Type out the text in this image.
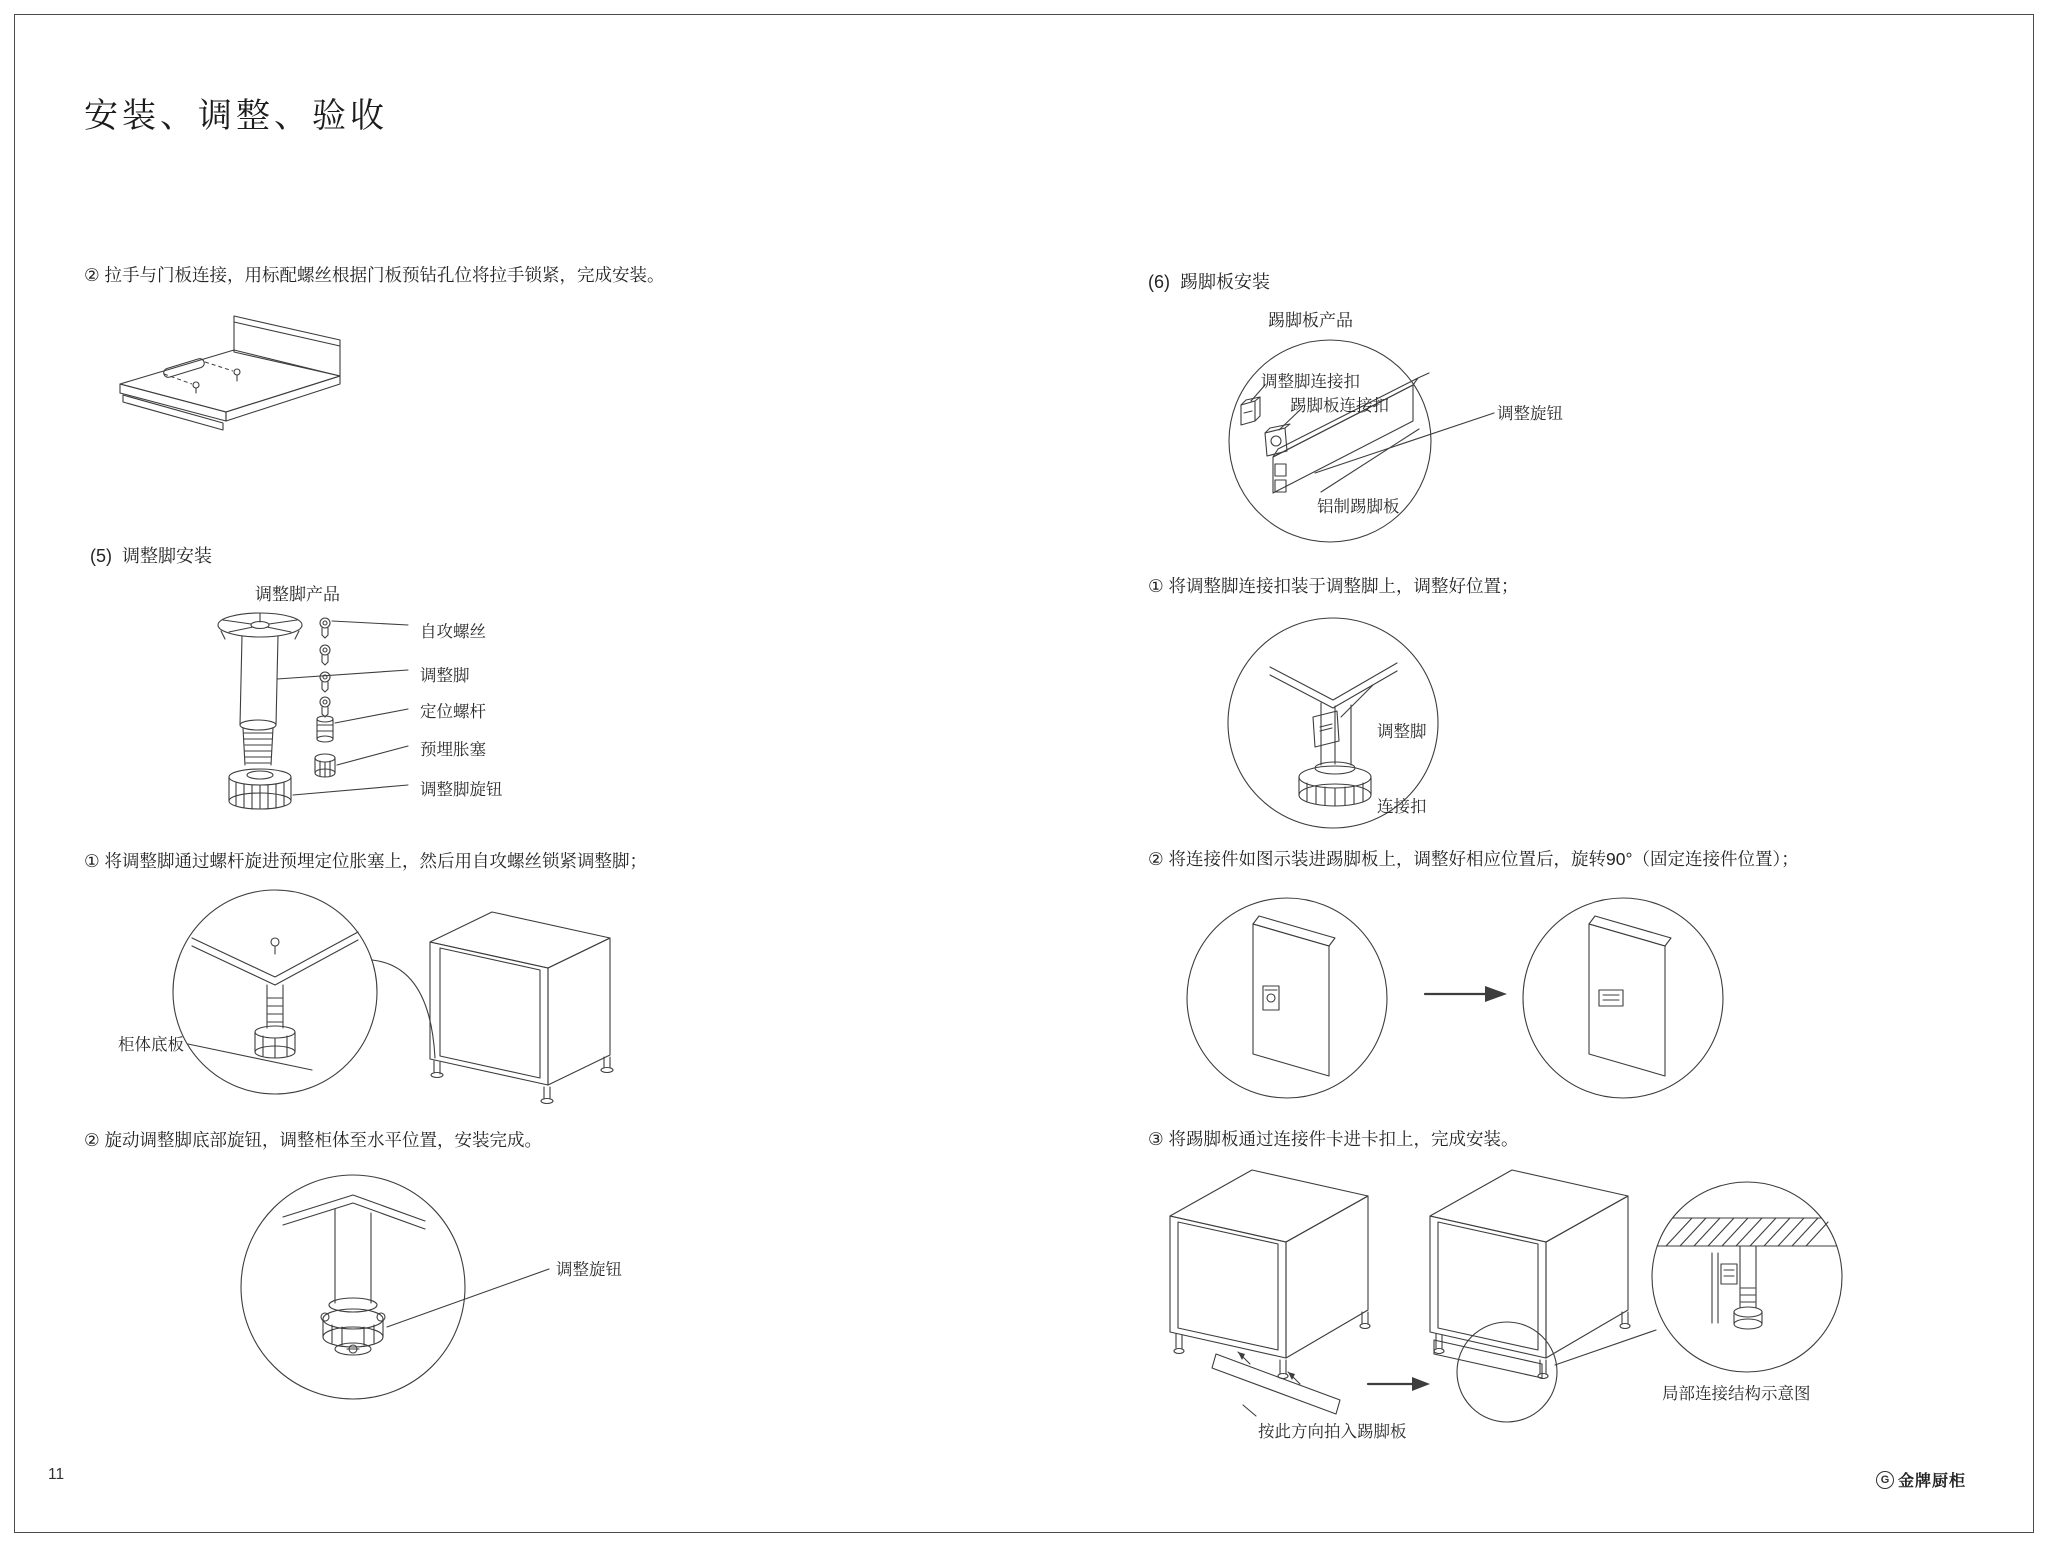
安装、调整、验收
② 拉手与门板连接，用标配螺丝根据门板预钻孔位将拉手锁紧，完成安装。
(5)  调整脚安装
调整脚产品
自攻螺丝
调整脚
定位螺杆
预埋胀塞
调整脚旋钮
① 将调整脚通过螺杆旋进预埋定位胀塞上，然后用自攻螺丝锁紧调整脚；
柜体底板
② 旋动调整脚底部旋钮，调整柜体至水平位置，安装完成。
调整旋钮
(6)  踢脚板安装
踢脚板产品
调整脚连接扣
踢脚板连接扣	调整旋钮
铝制踢脚板
① 将调整脚连接扣装于调整脚上，调整好位置；

调整脚

连接扣

② 将连接件如图示装进踢脚板上，调整好相应位置后，旋转90°（固定连接件位置）；
③ 将踢脚板通过连接件卡进卡扣上，完成安装。
按此方向拍入踢脚板
局部连接结构示意图
11	G 金牌厨柜
